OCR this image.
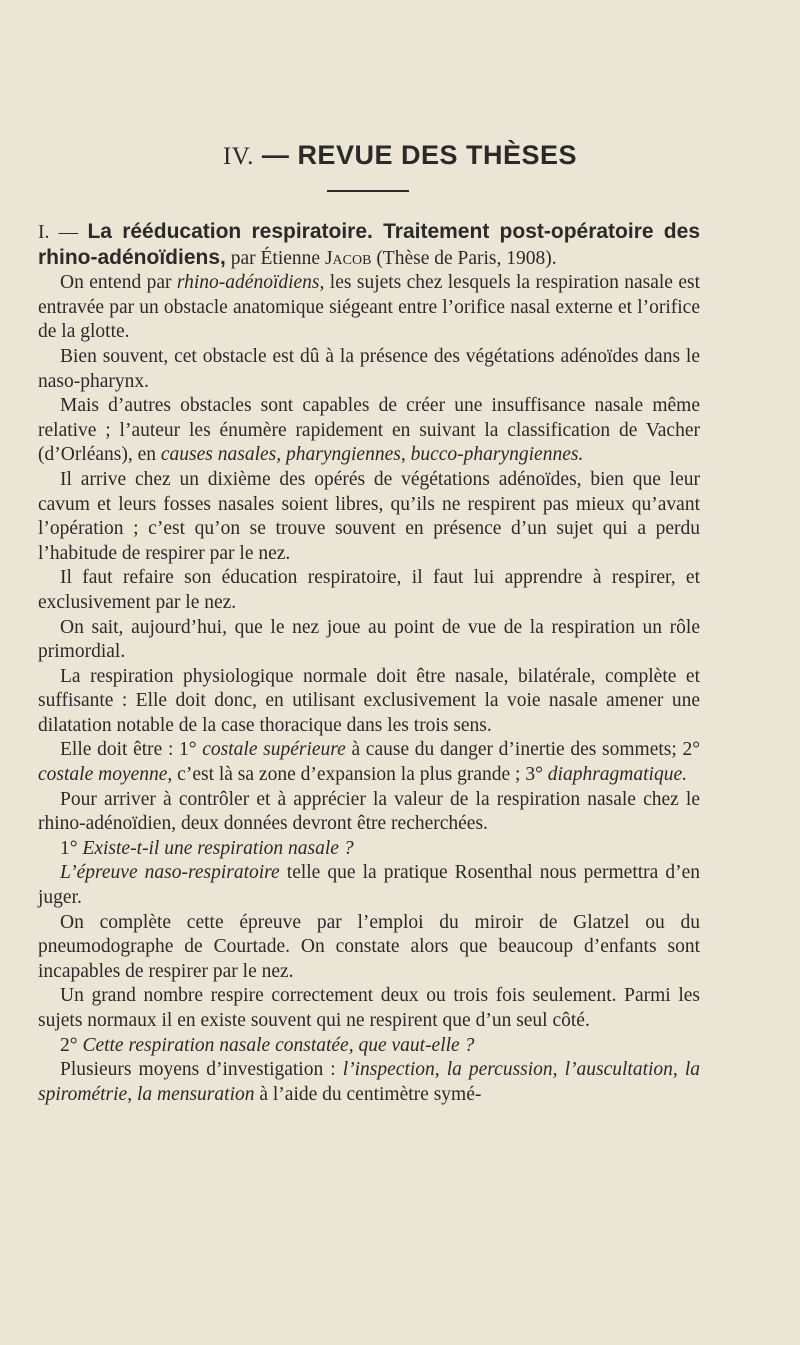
IV. — REVUE DES THÈSES

I. — La rééducation respiratoire. Traitement post-opératoire des rhino-adénoïdiens, par Étienne Jacob (Thèse de Paris, 1908).

On entend par rhino-adénoïdiens, les sujets chez lesquels la respiration nasale est entravée par un obstacle anatomique siégeant entre l’orifice nasal externe et l’orifice de la glotte.

Bien souvent, cet obstacle est dû à la présence des végétations adénoïdes dans le naso-pharynx.

Mais d’autres obstacles sont capables de créer une insuffisance nasale même relative ; l’auteur les énumère rapidement en suivant la classification de Vacher (d’Orléans), en causes nasales, pharyngiennes, bucco-pharyngiennes.

Il arrive chez un dixième des opérés de végétations adénoïdes, bien que leur cavum et leurs fosses nasales soient libres, qu’ils ne respirent pas mieux qu’avant l’opération ; c’est qu’on se trouve souvent en présence d’un sujet qui a perdu l’habitude de respirer par le nez.

Il faut refaire son éducation respiratoire, il faut lui apprendre à respirer, et exclusivement par le nez.

On sait, aujourd’hui, que le nez joue au point de vue de la respiration un rôle primordial.

La respiration physiologique normale doit être nasale, bilatérale, complète et suffisante : Elle doit donc, en utilisant exclusivement la voie nasale amener une dilatation notable de la case thoracique dans les trois sens.

Elle doit être : 1° costale supérieure à cause du danger d’inertie des sommets; 2° costale moyenne, c’est là sa zone d’expansion la plus grande ; 3° diaphragmatique.

Pour arriver à contrôler et à apprécier la valeur de la respiration nasale chez le rhino-adénoïdien, deux données devront être recherchées.

1° Existe-t-il une respiration nasale ?

L’épreuve naso-respiratoire telle que la pratique Rosenthal nous permettra d’en juger.

On complète cette épreuve par l’emploi du miroir de Glatzel ou du pneumodographe de Courtade. On constate alors que beaucoup d’enfants sont incapables de respirer par le nez.

Un grand nombre respire correctement deux ou trois fois seulement. Parmi les sujets normaux il en existe souvent qui ne respirent que d’un seul côté.

2° Cette respiration nasale constatée, que vaut-elle ?

Plusieurs moyens d’investigation : l’inspection, la percussion, l’auscultation, la spirométrie, la mensuration à l’aide du centimètre symé-
